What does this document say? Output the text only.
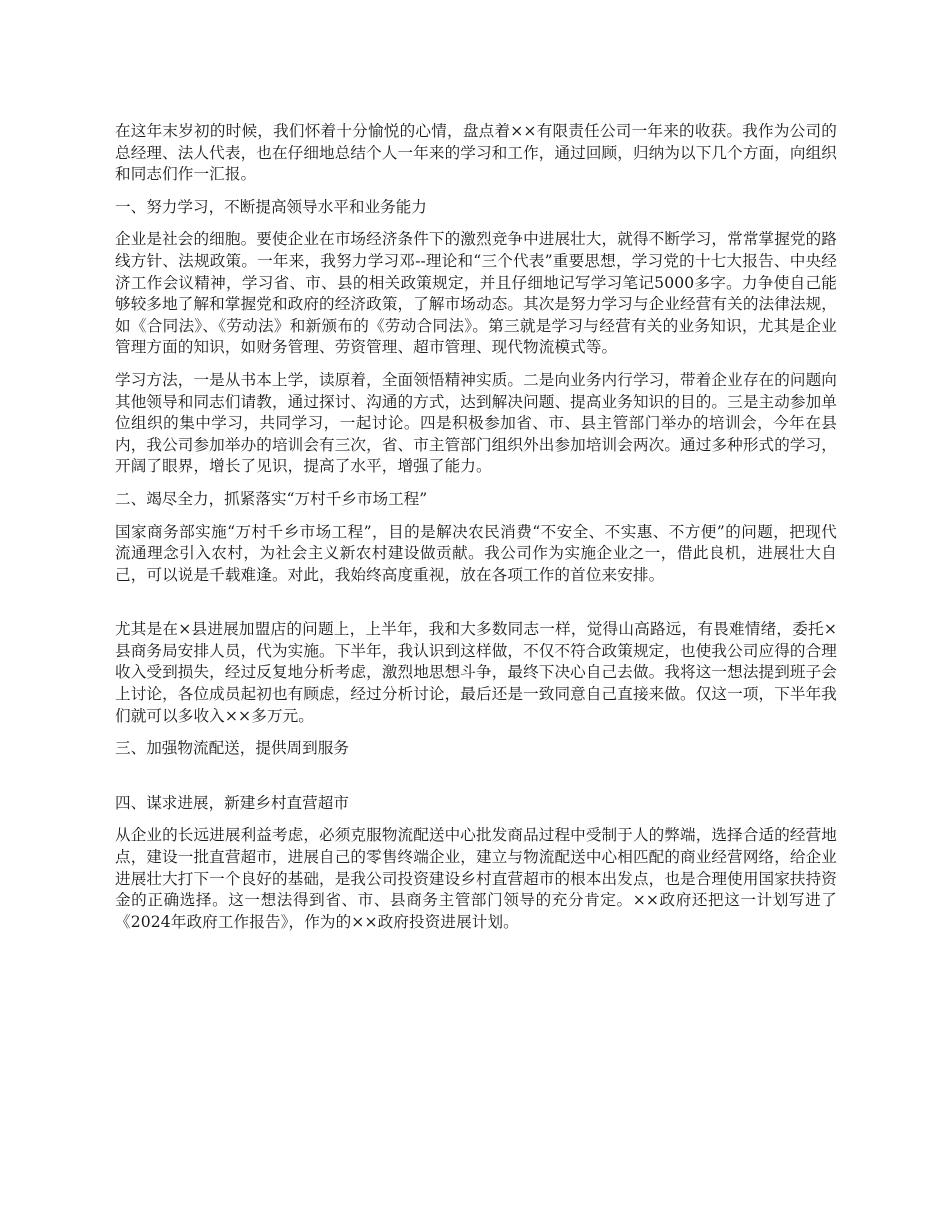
在这年末岁初的时候，我们怀着十分愉悦的心情，盘点着××有限责任公司一年来的收获。我作为公司的总经理、法人代表，也在仔细地总结个人一年来的学习和工作，通过回顾，归纳为以下几个方面，向组织和同志们作一汇报。

一、努力学习，不断提高领导水平和业务能力

企业是社会的细胞。要使企业在市场经济条件下的激烈竞争中进展壮大，就得不断学习，常常掌握党的路线方针、法规政策。一年来，我努力学习邓--理论和“三个代表”重要思想，学习党的十七大报告、中央经济工作会议精神，学习省、市、县的相关政策规定，并且仔细地记写学习笔记5000多字。力争使自己能够较多地了解和掌握党和政府的经济政策，了解市场动态。其次是努力学习与企业经营有关的法律法规，如《合同法》、《劳动法》和新颁布的《劳动合同法》。第三就是学习与经营有关的业务知识，尤其是企业管理方面的知识，如财务管理、劳资管理、超市管理、现代物流模式等。

学习方法，一是从书本上学，读原着，全面领悟精神实质。二是向业务内行学习，带着企业存在的问题向其他领导和同志们请教，通过探讨、沟通的方式，达到解决问题、提高业务知识的目的。三是主动参加单位组织的集中学习，共同学习，一起讨论。四是积极参加省、市、县主管部门举办的培训会，今年在县内，我公司参加举办的培训会有三次，省、市主管部门组织外出参加培训会两次。通过多种形式的学习，开阔了眼界，增长了见识，提高了水平，增强了能力。

二、竭尽全力，抓紧落实“万村千乡市场工程”

国家商务部实施“万村千乡市场工程”，目的是解决农民消费“不安全、不实惠、不方便”的问题，把现代流通理念引入农村，为社会主义新农村建设做贡献。我公司作为实施企业之一，借此良机，进展壮大自己，可以说是千载难逢。对此，我始终高度重视，放在各项工作的首位来安排。

尤其是在×县进展加盟店的问题上，上半年，我和大多数同志一样，觉得山高路远，有畏难情绪，委托×县商务局安排人员，代为实施。下半年，我认识到这样做，不仅不符合政策规定，也使我公司应得的合理收入受到损失，经过反复地分析考虑，激烈地思想斗争，最终下决心自己去做。我将这一想法提到班子会上讨论，各位成员起初也有顾虑，经过分析讨论，最后还是一致同意自己直接来做。仅这一项，下半年我们就可以多收入××多万元。

三、加强物流配送，提供周到服务

四、谋求进展，新建乡村直营超市

从企业的长远进展利益考虑，必须克服物流配送中心批发商品过程中受制于人的弊端，选择合适的经营地点，建设一批直营超市，进展自己的零售终端企业，建立与物流配送中心相匹配的商业经营网络，给企业进展壮大打下一个良好的基础，是我公司投资建设乡村直营超市的根本出发点，也是合理使用国家扶持资金的正确选择。这一想法得到省、市、县商务主管部门领导的充分肯定。××政府还把这一计划写进了《2024年政府工作报告》，作为的××政府投资进展计划。
